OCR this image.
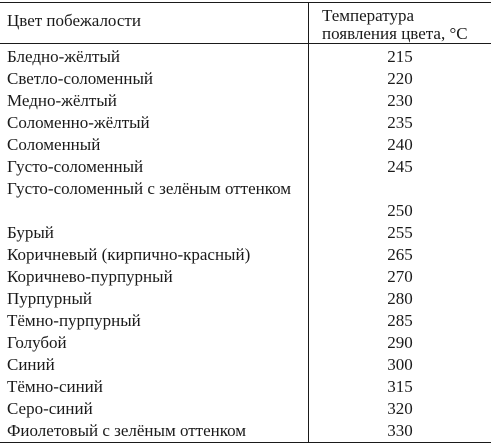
Цвет побежалости	Температура
появления цвета, °С
Бледно-жёлтый
Светло-соломенный
Медно-жёлтый
Соломенно-жёлтый
Соломенный
Густо-соломенный
Густо-соломенный с зелёным оттенком
Бурый
Коричневый (кирпично-красный)
Коричнево-пурпурный
Пурпурный
Тёмно-пурпурный
Голубой
Синий
Тёмно-синий
Серо-синий
Фиолетовый с зелёным оттенком
215
220
230
235
240
245
250
255
265
270
280
285
290
300
315
320
330
